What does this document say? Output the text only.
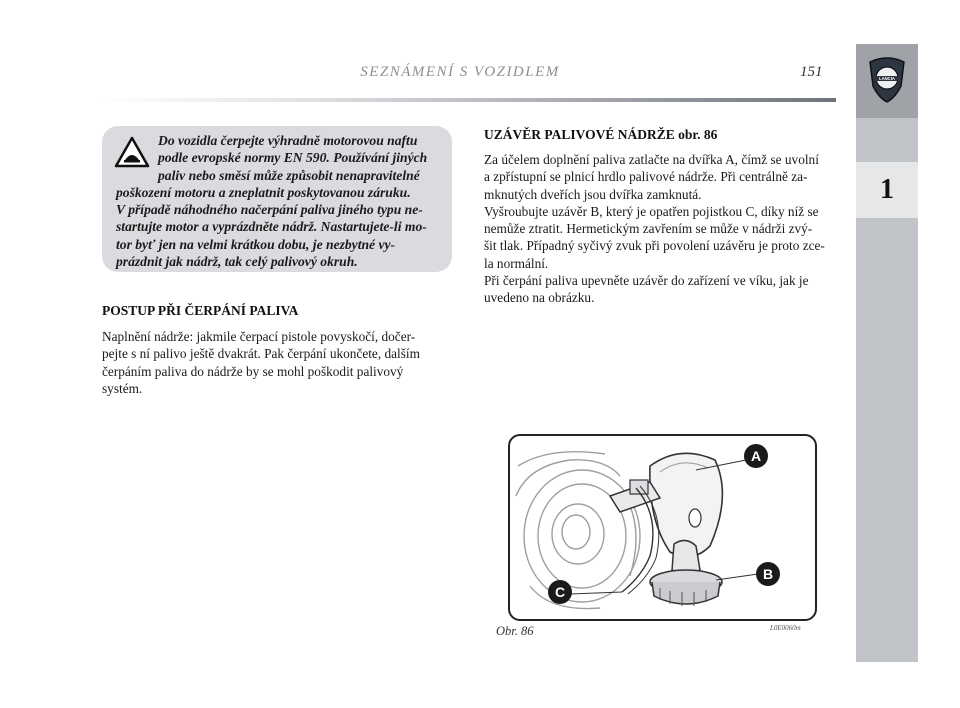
SEZNÁMENÍ S VOZIDLEM	151	LANCIA
1

Do vozidla čerpejte výhradně motorovou naftu
podle evropské normy EN 590. Používání jiných
paliv nebo směsí může způsobit nenapravitelné
poškození motoru a zneplatnit poskytovanou záruku.
V případě náhodného načerpání paliva jiného typu ne-
startujte motor a vyprázdněte nádrž. Nastartujete-li mo-
tor byť jen na velmi krátkou dobu, je nezbytné vy-
prázdnit jak nádrž, tak celý palivový okruh.

POSTUP PŘI ČERPÁNÍ PALIVA

Naplnění nádrže: jakmile čerpací pistole povyskočí, dočer-
pejte s ní palivo ještě dvakrát. Pak čerpání ukončete, dalším
čerpáním paliva do nádrže by se mohl poškodit palivový
systém.

UZÁVĚR PALIVOVÉ NÁDRŽE obr. 86

Za účelem doplnění paliva zatlačte na dvířka A, čímž se uvolní
a zpřístupní se plnicí hrdlo palivové nádrže. Při centrálně za-
mknutých dveřích jsou dvířka zamknutá.
Vyšroubujte uzávěr B, který je opatřen pojistkou C, díky níž se
nemůže ztratit. Hermetickým zavřením se může v nádrži zvý-
šit tlak. Případný syčivý zvuk při povolení uzávěru je proto zce-
la normální.
Při čerpání paliva upevněte uzávěr do zařízení ve víku, jak je
uvedeno na obrázku.

A
B
C
Obr. 86	L0E0060m
